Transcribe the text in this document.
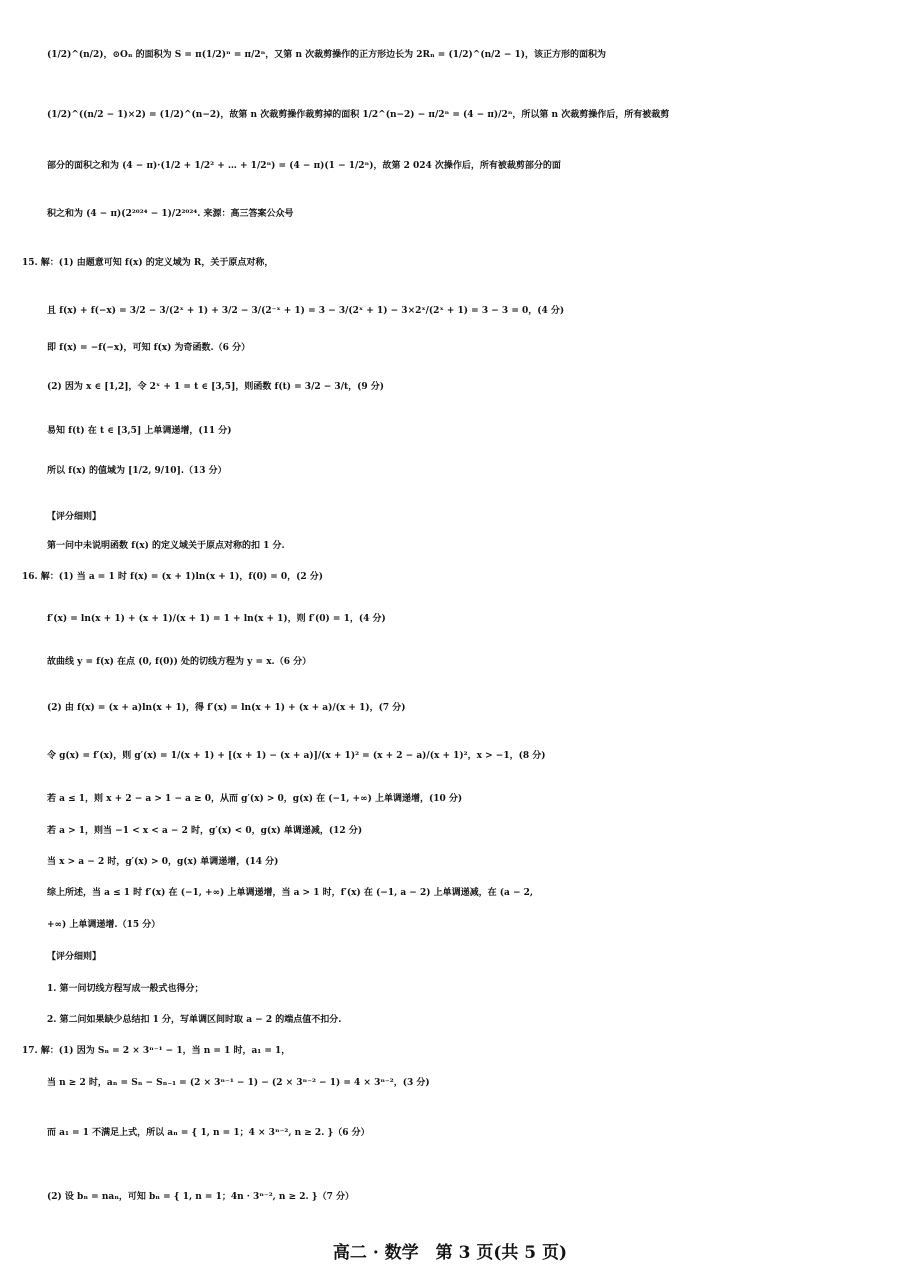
(1/2)^(n/2)，⊙Oₙ 的面积为 S = π(1/2)ⁿ = π/2ⁿ，又第 n 次裁剪操作的正方形边长为 2Rₙ = (1/2)^(n/2 − 1)，该正方形的面积为
(1/2)^((n/2 − 1)×2) = (1/2)^(n−2)，故第 n 次裁剪操作裁剪掉的面积 1/2^(n−2) − π/2ⁿ = (4 − π)/2ⁿ，所以第 n 次裁剪操作后，所有被裁剪
部分的面积之和为 (4 − π)·(1/2 + 1/2² + … + 1/2ⁿ) = (4 − π)(1 − 1/2ⁿ)，故第 2 024 次操作后，所有被裁剪部分的面
积之和为 (4 − π)(2²⁰²⁴ − 1)/2²⁰²⁴. 来源：高三答案公众号
15. 解：(1) 由题意可知 f(x) 的定义域为 R，关于原点对称，
且 f(x) + f(−x) = 3/2 − 3/(2ˣ + 1) + 3/2 − 3/(2⁻ˣ + 1) = 3 − 3/(2ˣ + 1) − 3×2ˣ/(2ˣ + 1) = 3 − 3 = 0，(4 分)
即 f(x) = −f(−x)，可知 f(x) 为奇函数.（6 分）
(2) 因为 x ∈ [1,2]，令 2ˣ + 1 = t ∈ [3,5]，则函数 f(t) = 3/2 − 3/t，(9 分)
易知 f(t) 在 t ∈ [3,5] 上单调递增，(11 分)
所以 f(x) 的值域为 [1/2, 9/10].（13 分）
【评分细则】
第一问中未说明函数 f(x) 的定义域关于原点对称的扣 1 分.
16. 解：(1) 当 a = 1 时 f(x) = (x + 1)ln(x + 1)，f(0) = 0，(2 分)
f′(x) = ln(x + 1) + (x + 1)/(x + 1) = 1 + ln(x + 1)，则 f′(0) = 1，(4 分)
故曲线 y = f(x) 在点 (0, f(0)) 处的切线方程为 y = x.（6 分）
(2) 由 f(x) = (x + a)ln(x + 1)，得 f′(x) = ln(x + 1) + (x + a)/(x + 1)，(7 分)
令 g(x) = f′(x)，则 g′(x) = 1/(x + 1) + [(x + 1) − (x + a)]/(x + 1)² = (x + 2 − a)/(x + 1)²，x > −1，(8 分)
若 a ≤ 1，则 x + 2 − a > 1 − a ≥ 0，从而 g′(x) > 0，g(x) 在 (−1, +∞) 上单调递增，(10 分)
若 a > 1，则当 −1 < x < a − 2 时，g′(x) < 0，g(x) 单调递减，(12 分)
当 x > a − 2 时，g′(x) > 0，g(x) 单调递增，(14 分)
综上所述，当 a ≤ 1 时 f′(x) 在 (−1, +∞) 上单调递增，当 a > 1 时，f′(x) 在 (−1, a − 2) 上单调递减，在 (a − 2,
+∞) 上单调递增.（15 分）
【评分细则】
1. 第一问切线方程写成一般式也得分；
2. 第二问如果缺少总结扣 1 分，写单调区间时取 a − 2 的端点值不扣分.
17. 解：(1) 因为 Sₙ = 2 × 3ⁿ⁻¹ − 1，当 n = 1 时，a₁ = 1，
当 n ≥ 2 时，aₙ = Sₙ − Sₙ₋₁ = (2 × 3ⁿ⁻¹ − 1) − (2 × 3ⁿ⁻² − 1) = 4 × 3ⁿ⁻²，(3 分)
而 a₁ = 1 不满足上式，所以 aₙ = { 1, n = 1；4 × 3ⁿ⁻², n ≥ 2. }（6 分）
(2) 设 bₙ = naₙ，可知 bₙ = { 1, n = 1；4n · 3ⁿ⁻², n ≥ 2. }（7 分）
高二 · 数学　第 3 页(共 5 页)
